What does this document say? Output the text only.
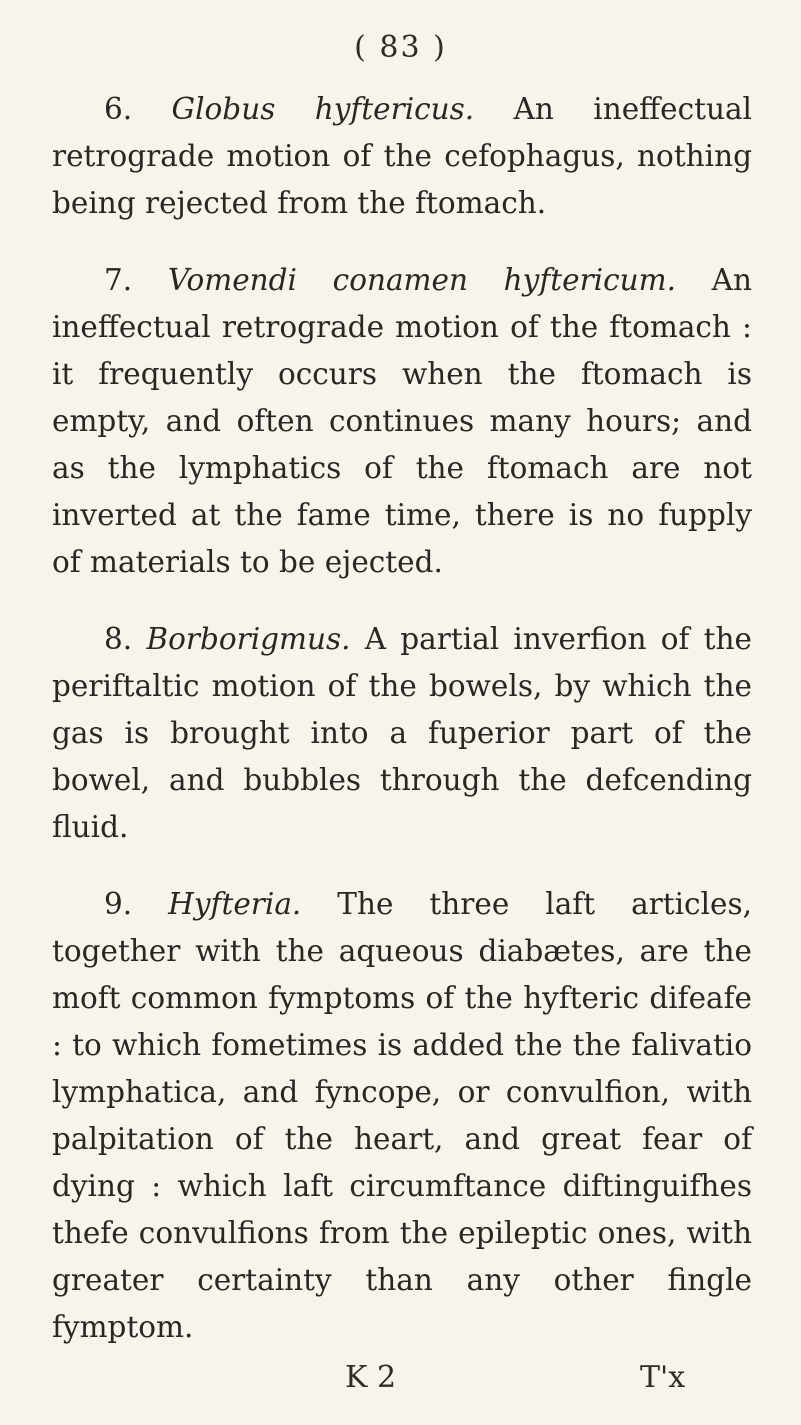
( 83 )

6. Globus hyftericus. An ineffectual retrograde motion of the cefophagus, nothing being rejected from the ftomach.

7. Vomendi conamen hyftericum. An ineffectual retrograde motion of the ftomach : it frequently occurs when the ftomach is empty, and often continues many hours; and as the lymphatics of the ftomach are not inverted at the fame time, there is no fupply of materials to be ejected.

8. Borborigmus. A partial inverfion of the periftaltic motion of the bowels, by which the gas is brought into a fuperior part of the bowel, and bubbles through the defcending fluid.

9. Hyfteria. The three laft articles, together with the aqueous diabætes, are the moft common fymptoms of the hyfteric difeafe : to which fometimes is added the the falivatio lymphatica, and fyncope, or convulfion, with palpitation of the heart, and great fear of dying : which laft circumftance diftinguifhes thefe convulfions from the epileptic ones, with greater certainty than any other fingle fymptom.

K 2	T'x
